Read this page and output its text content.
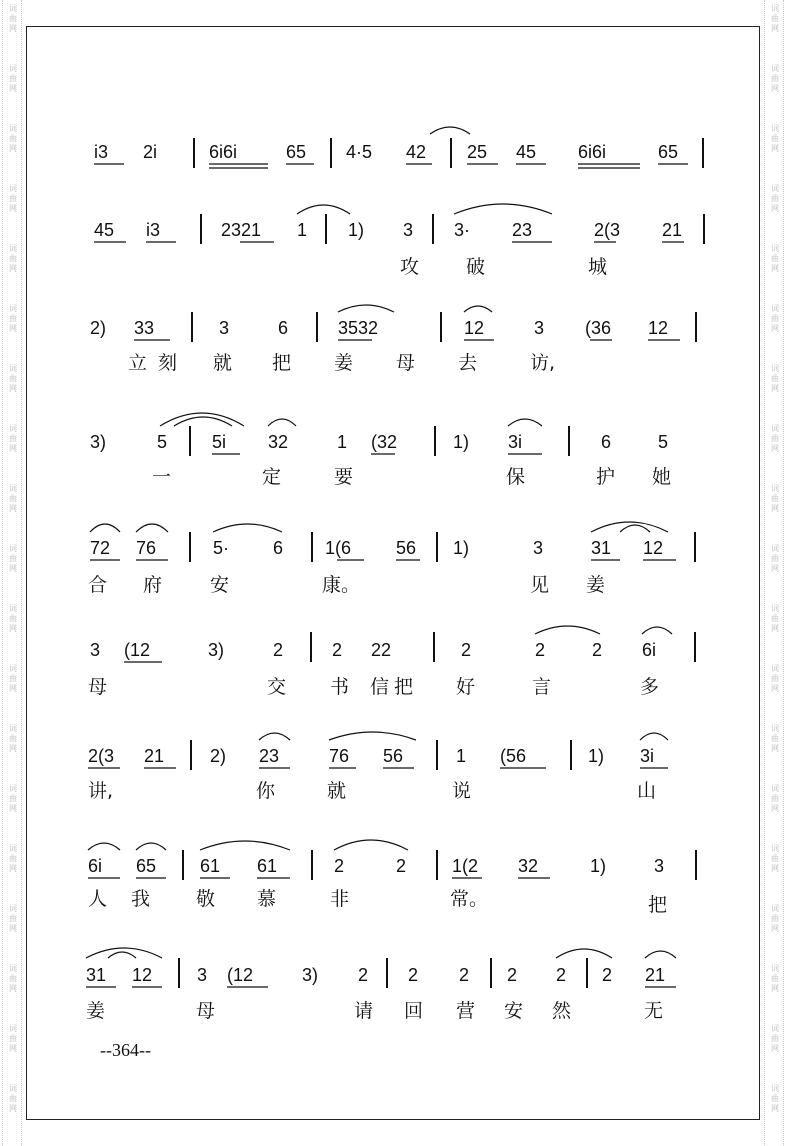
词
曲
网
词
曲
网
词
曲
网
词
曲
网
词
曲
网
词
曲
网
词
曲
网
词
曲
网
词
曲
网
词
曲
网
词
曲
网
词
曲
网
词
曲
网
词
曲
网
词
曲
网
词
曲
网
词
曲
网
词
曲
网
词
曲
网
词
曲
网
词
曲
网
词
曲
网
词
曲
网
词
曲
网
词
曲
网
词
曲
网
词
曲
网
词
曲
网
词
曲
网
词
曲
网
词
曲
网
词
曲
网
词
曲
网
词
曲
网
词
曲
网
词
曲
网
词
曲
网
词
曲
网
i3 2i	6i6i	65 4·5 42 25 45 6i6i	65
45 i3	2321 1 1) 3 3· 23	2(3 21
攻 破	城
2) 33	3	6	3532	12	3 (36 12
立 刻 就 把 姜 母 去	访,
3)	5 5i 32	1 (32	1) 3i	6	5
一	定	要	保	护 她
72 76	5· 6 1(6 56 1)	3	31 12
合 府	安	康。	见 姜
3 (12	3)	2	2 22	2	2	2 6i
母	交 书 信 把 好	言	多
2(3 21	2) 23	76 56	1 (56	1) 3i
讲,	你	就	说	山
6i 65 61 61	2	2	1(2 32	1)	3
人 我 敬 慕	非	常。	把
31 12 3 (12	3) 2 2 2 2 2 2 21
姜	母	请 回 营 安 然	无
--364--
